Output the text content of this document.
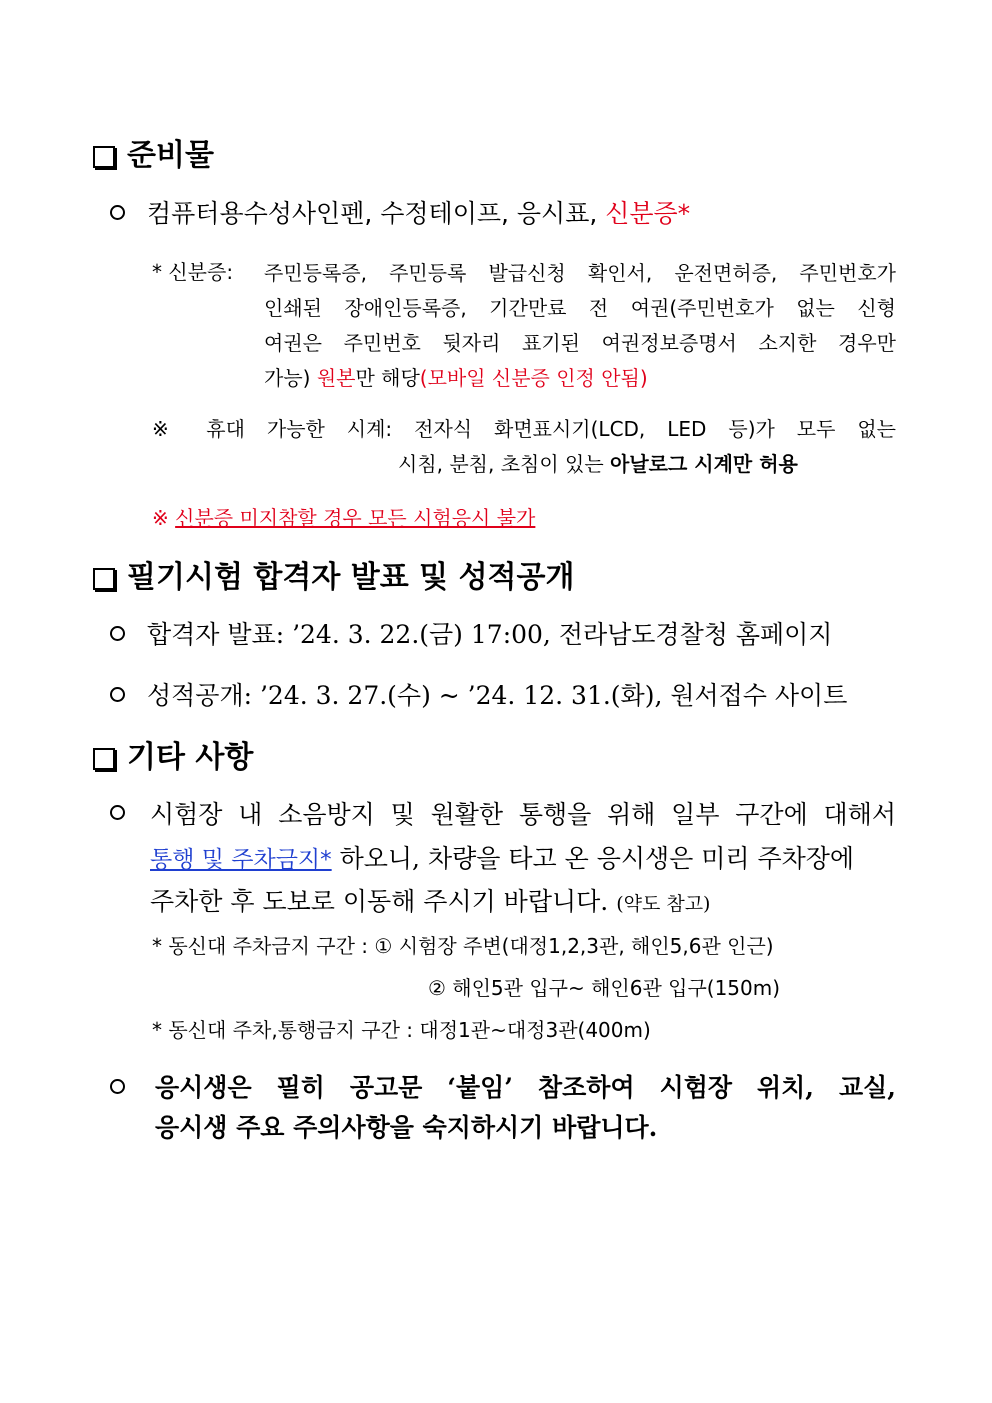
준비물
컴퓨터용수성사인펜, 수정테이프, 응시표, 신분증*
* 신분증: 주민등록증, 주민등록 발급신청 확인서, 운전면허증, 주민번호가
인쇄된 장애인등록증, 기간만료 전 여권(주민번호가 없는 신형
여권은 주민번호 뒷자리 표기된 여권정보증명서 소지한 경우만
가능) 원본만 해당(모바일 신분증 인정 안됨)
※ 휴대 가능한 시계: 전자식 화면표시기(LCD, LED 등)가 모두 없는
시침, 분침, 초침이 있는 아날로그 시계만 허용
※ 신분증 미지참할 경우 모든 시험응시 불가
필기시험 합격자 발표 및 성적공개
합격자 발표: ’24. 3. 22.(금) 17:00, 전라남도경찰청 홈페이지
성적공개: ’24. 3. 27.(수) ~ ’24. 12. 31.(화), 원서접수 사이트
기타 사항
시험장 내 소음방지 및 원활한 통행을 위해 일부 구간에 대해서
통행 및 주차금지* 하오니, 차량을 타고 온 응시생은 미리 주차장에
주차한 후 도보로 이동해 주시기 바랍니다. (약도 참고)
* 동신대 주차금지 구간 : ① 시험장 주변(대정1,2,3관, 해인5,6관 인근)
② 해인5관 입구~ 해인6관 입구(150m)
* 동신대 주차,통행금지 구간 : 대정1관~대정3관(400m)
응시생은 필히 공고문 ‘붙임’ 참조하여 시험장 위치, 교실,
응시생 주요 주의사항을 숙지하시기 바랍니다.
